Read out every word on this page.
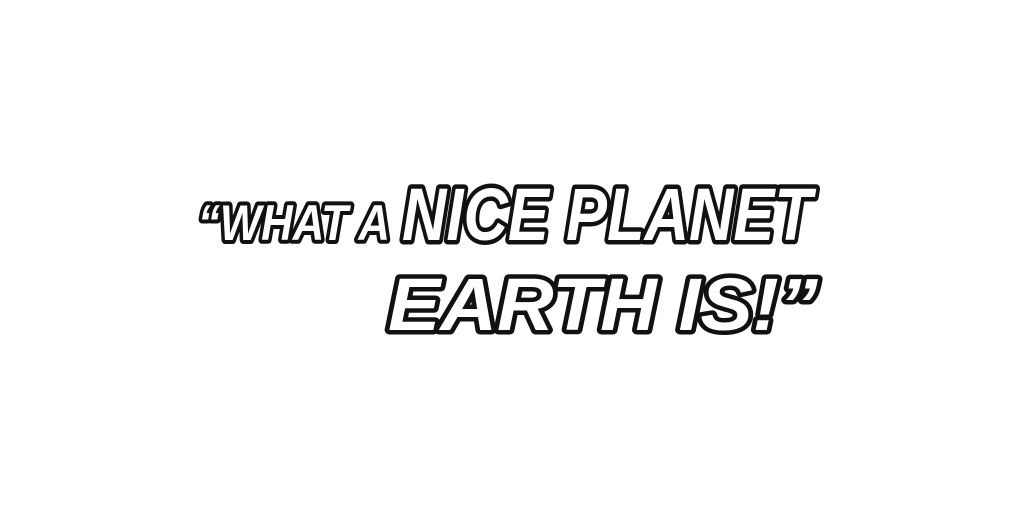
“WHAT A NICE PLANET
EARTH IS!”
